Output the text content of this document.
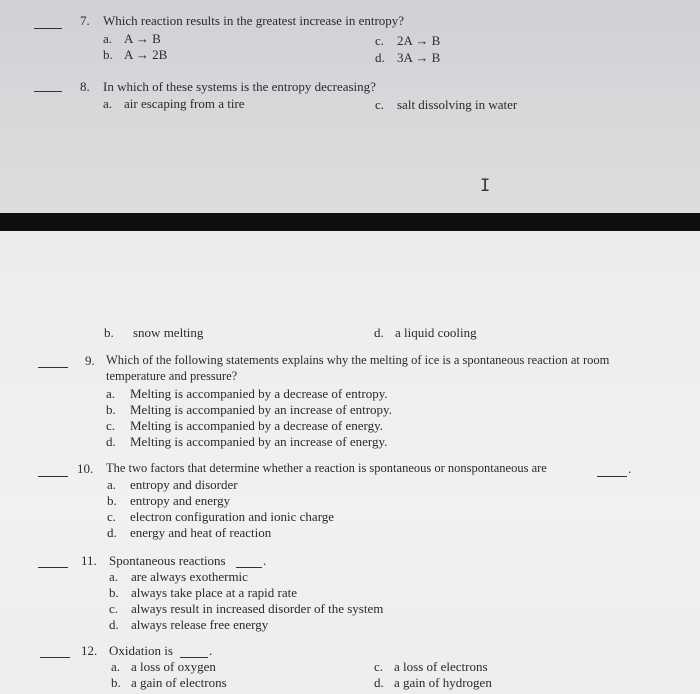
7. Which reaction results in the greatest increase in entropy?
a. A → B
b. A → 2B
c. 2A → B
d. 3A → B
8. In which of these systems is the entropy decreasing?
a. air escaping from a tire	c. salt dissolving in water
I
b. snow melting	d. a liquid cooling
9. Which of the following statements explains why the melting of ice is a spontaneous reaction at room
temperature and pressure?
a. Melting is accompanied by a decrease of entropy.
b. Melting is accompanied by an increase of entropy.
c. Melting is accompanied by a decrease of energy.
d. Melting is accompanied by an increase of energy.
10. The two factors that determine whether a reaction is spontaneous or nonspontaneous are	.
a. entropy and disorder
b. entropy and energy
c. electron configuration and ionic charge
d. energy and heat of reaction
11. Spontaneous reactions	.
a. are always exothermic
b. always take place at a rapid rate
c. always result in increased disorder of the system
d. always release free energy
12. Oxidation is	.
a. a loss of oxygen
b. a gain of electrons
c. a loss of electrons
d. a gain of hydrogen
